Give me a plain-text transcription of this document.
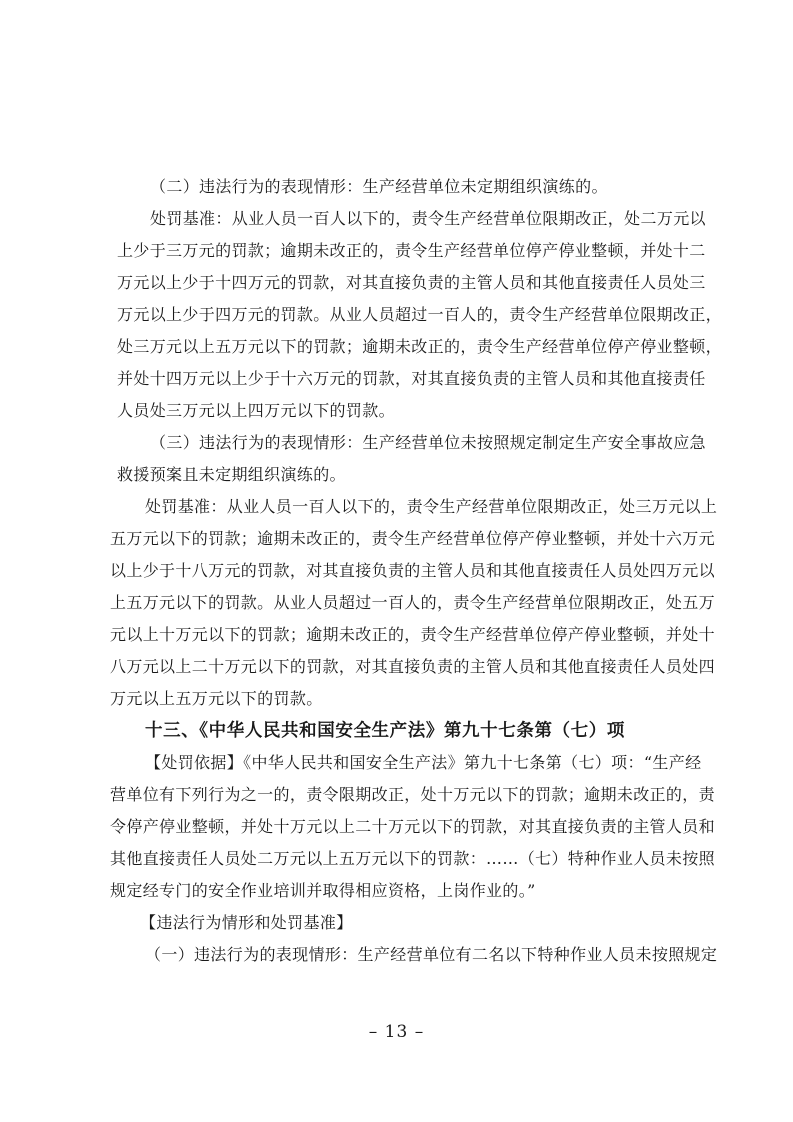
（二）违法行为的表现情形：生产经营单位未定期组织演练的。
处罚基准：从业人员一百人以下的，责令生产经营单位限期改正，处二万元以
上少于三万元的罚款；逾期未改正的，责令生产经营单位停产停业整顿，并处十二
万元以上少于十四万元的罚款，对其直接负责的主管人员和其他直接责任人员处三
万元以上少于四万元的罚款。从业人员超过一百人的，责令生产经营单位限期改正，
处三万元以上五万元以下的罚款；逾期未改正的，责令生产经营单位停产停业整顿，
并处十四万元以上少于十六万元的罚款，对其直接负责的主管人员和其他直接责任
人员处三万元以上四万元以下的罚款。
（三）违法行为的表现情形：生产经营单位未按照规定制定生产安全事故应急
救援预案且未定期组织演练的。
处罚基准：从业人员一百人以下的，责令生产经营单位限期改正，处三万元以上
五万元以下的罚款；逾期未改正的，责令生产经营单位停产停业整顿，并处十六万元
以上少于十八万元的罚款，对其直接负责的主管人员和其他直接责任人员处四万元以
上五万元以下的罚款。从业人员超过一百人的，责令生产经营单位限期改正，处五万
元以上十万元以下的罚款；逾期未改正的，责令生产经营单位停产停业整顿，并处十
八万元以上二十万元以下的罚款，对其直接负责的主管人员和其他直接责任人员处四
万元以上五万元以下的罚款。
十三、《中华人民共和国安全生产法》第九十七条第（七）项
【处罚依据】《中华人民共和国安全生产法》第九十七条第（七）项：“生产经
营单位有下列行为之一的，责令限期改正，处十万元以下的罚款；逾期未改正的，责
令停产停业整顿，并处十万元以上二十万元以下的罚款，对其直接负责的主管人员和
其他直接责任人员处二万元以上五万元以下的罚款：……（七）特种作业人员未按照
规定经专门的安全作业培训并取得相应资格，上岗作业的。”
【违法行为情形和处罚基准】
（一）违法行为的表现情形：生产经营单位有二名以下特种作业人员未按照规定
– 13 –
